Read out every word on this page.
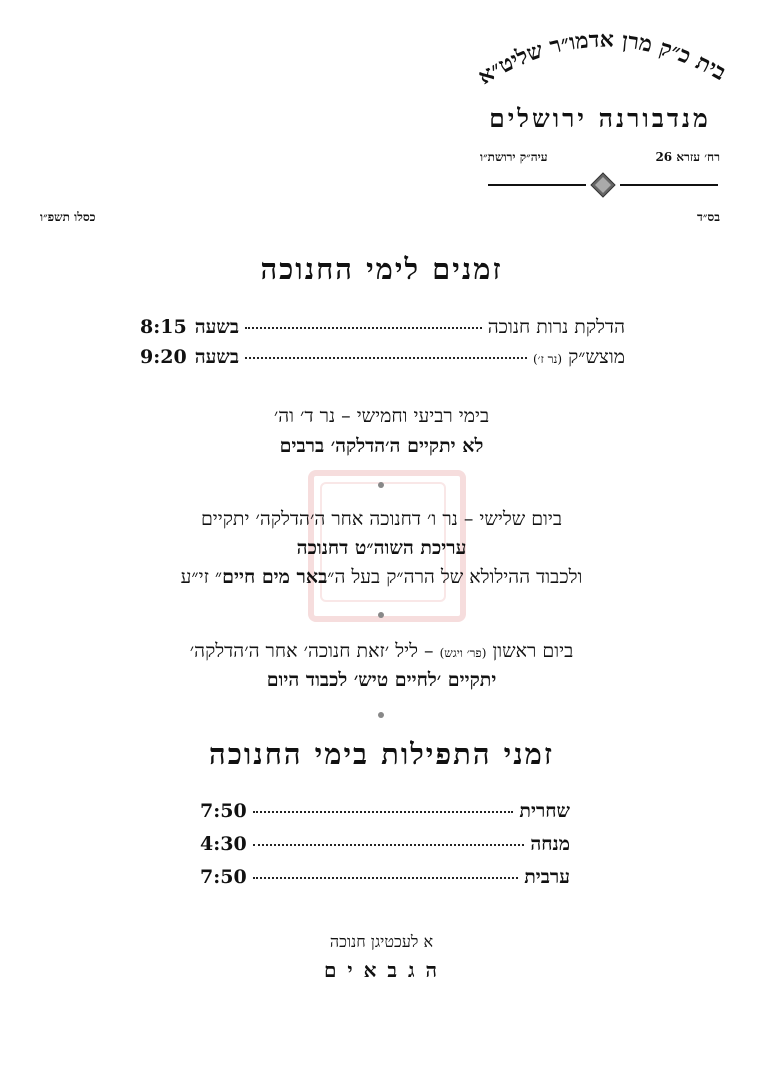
בית כ״ק מרן אדמו״ר שליט״א
מנדבורנה ירושלים
רח׳ עזרא 26
עיה״ק ירושת״ו
בס״ד
כסלו תשפ״ו
זמנים לימי החנוכה
הדלקת נרות חנוכה
בשעה
8:15
מוצש״ק
(נר ז׳)
בשעה
9:20
בימי רביעי וחמישי – נר ד׳ וה׳
לא יתקיים ה׳הדלקה׳ ברבים
ביום שלישי – נר ו׳ דחנוכה אחר ה׳הדלקה׳ יתקיים
עריכת השוה״ט דחנוכה
ולכבוד ההילולא של הרה״ק בעל ה״באר מים חיים״ זי״ע
ביום ראשון (פר׳ ויגש) – ליל ׳זאת חנוכה׳ אחר ה׳הדלקה׳
יתקיים ׳לחיים טיש׳ לכבוד היום
זמני התפילות בימי החנוכה
שחרית
7:50
מנחה
4:30
ערבית
7:50
א לעכטיגן חנוכה
ה ג ב א י ם
